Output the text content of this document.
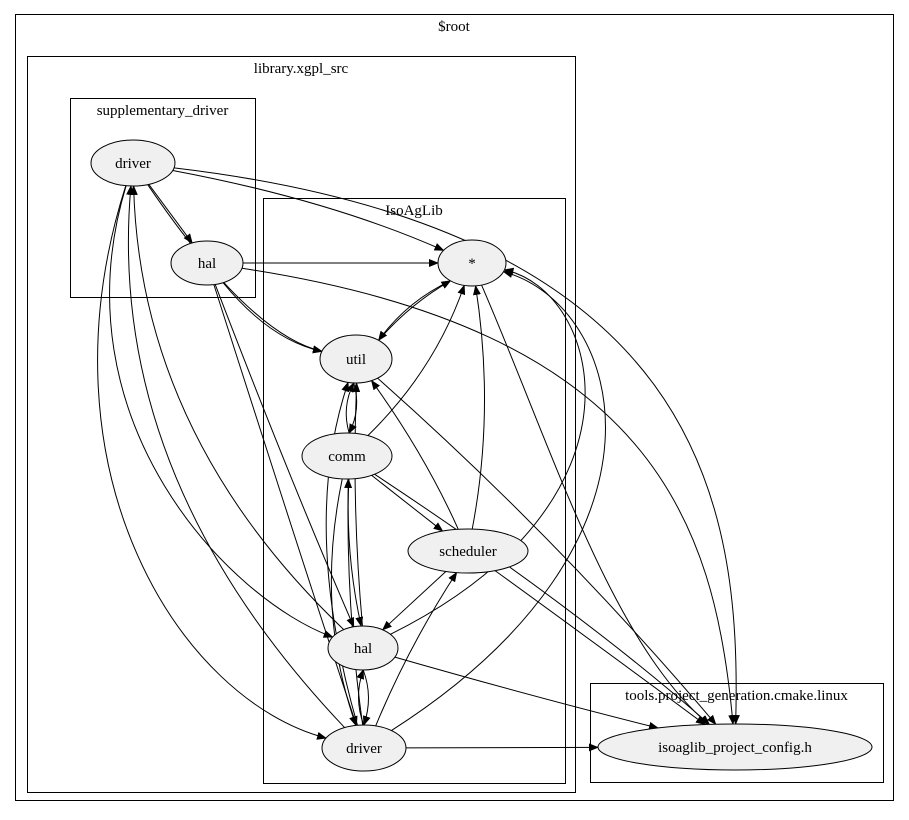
$root
library.xgpl_src
supplementary_driver
IsoAgLib
tools.project_generation.cmake.linux
driver
hal	*
util
comm
scheduler
hal
driver	isoaglib_project_config.h
